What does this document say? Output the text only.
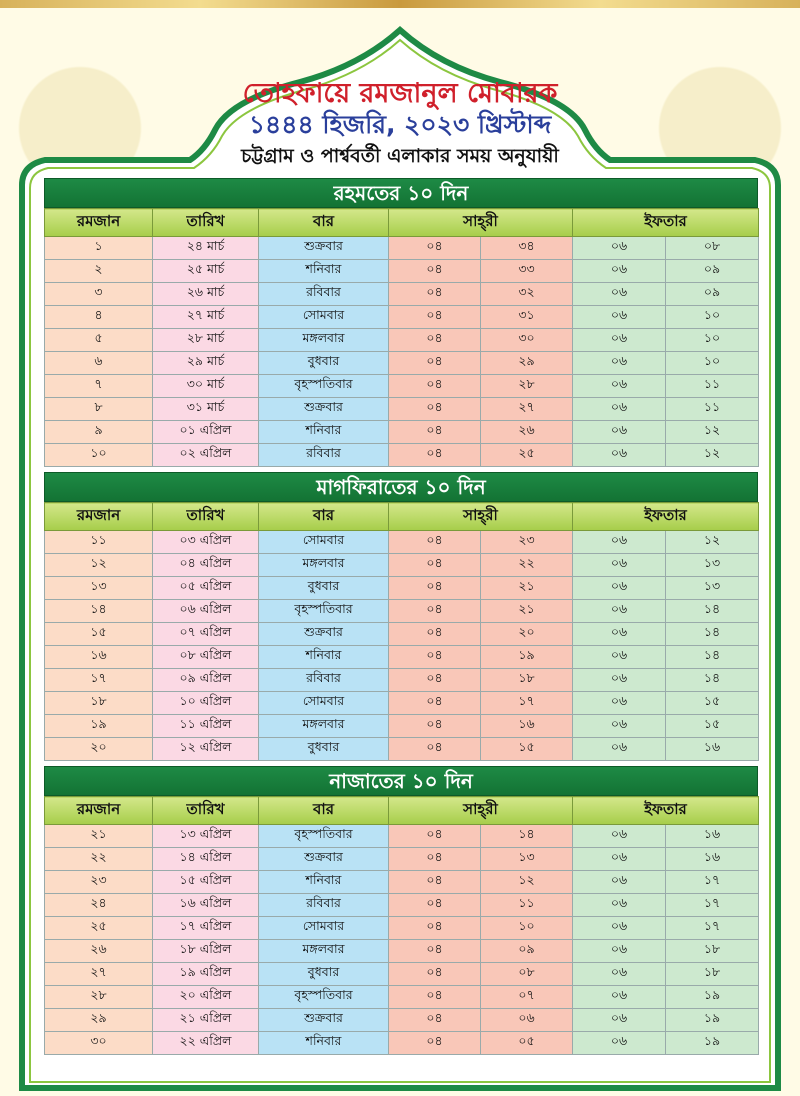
তোহফায়ে রমজানুল মোবারক
১৪৪৪ হিজরি, ২০২৩ খ্রিস্টাব্দ
চট্টগ্রাম ও পার্শ্ববর্তী এলাকার সময় অনুযায়ী
রহমতের ১০ দিন
রমজান	তারিখ	বার	সাহ্‌রী		ইফতার	
১	২৪ মার্চ	শুক্রবার	০৪	৩৪	০৬	০৮
২	২৫ মার্চ	শনিবার	০৪	৩৩	০৬	০৯
৩	২৬ মার্চ	রবিবার	০৪	৩২	০৬	০৯
৪	২৭ মার্চ	সোমবার	০৪	৩১	০৬	১০
৫	২৮ মার্চ	মঙ্গলবার	০৪	৩০	০৬	১০
৬	২৯ মার্চ	বুধবার	০৪	২৯	০৬	১০
৭	৩০ মার্চ	বৃহস্পতিবার	০৪	২৮	০৬	১১
৮	৩১ মার্চ	শুক্রবার	০৪	২৭	০৬	১১
৯	০১ এপ্রিল	শনিবার	০৪	২৬	০৬	১২
১০	০২ এপ্রিল	রবিবার	০৪	২৫	০৬	১২
মাগফিরাতের ১০ দিন
রমজান	তারিখ	বার	সাহ্‌রী		ইফতার	
১১	০৩ এপ্রিল	সোমবার	০৪	২৩	০৬	১২
১২	০৪ এপ্রিল	মঙ্গলবার	০৪	২২	০৬	১৩
১৩	০৫ এপ্রিল	বুধবার	০৪	২১	০৬	১৩
১৪	০৬ এপ্রিল	বৃহস্পতিবার	০৪	২১	০৬	১৪
১৫	০৭ এপ্রিল	শুক্রবার	০৪	২০	০৬	১৪
১৬	০৮ এপ্রিল	শনিবার	০৪	১৯	০৬	১৪
১৭	০৯ এপ্রিল	রবিবার	০৪	১৮	০৬	১৪
১৮	১০ এপ্রিল	সোমবার	০৪	১৭	০৬	১৫
১৯	১১ এপ্রিল	মঙ্গলবার	০৪	১৬	০৬	১৫
২০	১২ এপ্রিল	বুধবার	০৪	১৫	০৬	১৬
নাজাতের ১০ দিন
রমজান	তারিখ	বার	সাহ্‌রী		ইফতার	
২১	১৩ এপ্রিল	বৃহস্পতিবার	০৪	১৪	০৬	১৬
২২	১৪ এপ্রিল	শুক্রবার	০৪	১৩	০৬	১৬
২৩	১৫ এপ্রিল	শনিবার	০৪	১২	০৬	১৭
২৪	১৬ এপ্রিল	রবিবার	০৪	১১	০৬	১৭
২৫	১৭ এপ্রিল	সোমবার	০৪	১০	০৬	১৭
২৬	১৮ এপ্রিল	মঙ্গলবার	০৪	০৯	০৬	১৮
২৭	১৯ এপ্রিল	বুধবার	০৪	০৮	০৬	১৮
২৮	২০ এপ্রিল	বৃহস্পতিবার	০৪	০৭	০৬	১৯
২৯	২১ এপ্রিল	শুক্রবার	০৪	০৬	০৬	১৯
৩০	২২ এপ্রিল	শনিবার	০৪	০৫	০৬	১৯
